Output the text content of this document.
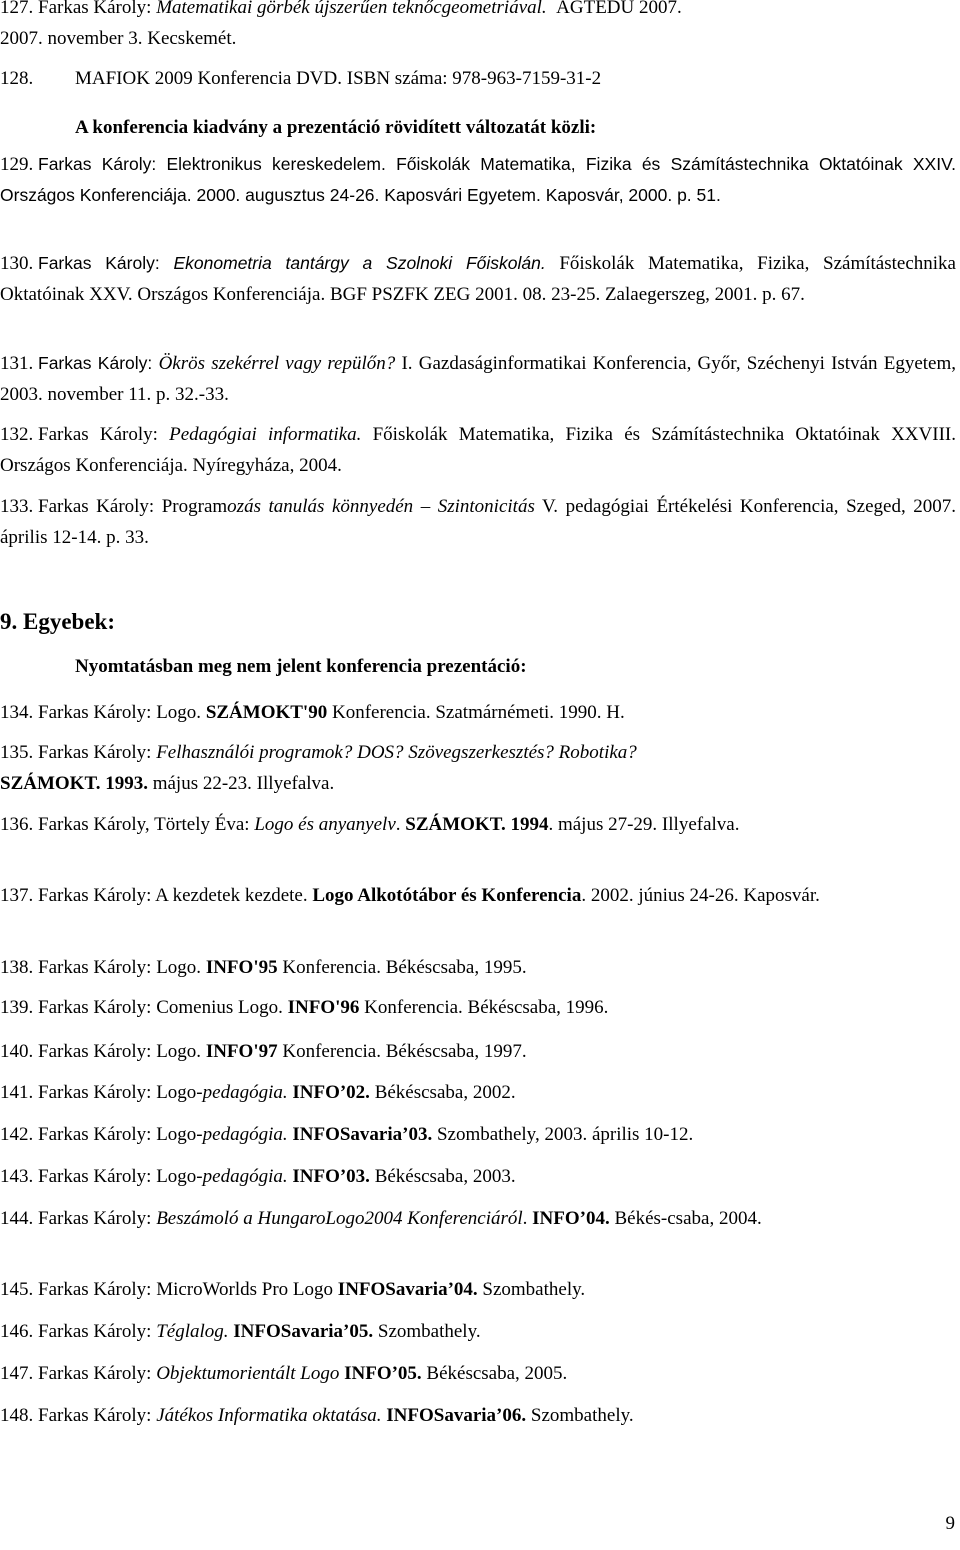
127. Farkas Károly: Matematikai görbék újszerűen teknőcgeometriával. AGTEDU 2007.
2007. november 3. Kecskemét.
128. MAFIOK 2009 Konferencia DVD. ISBN száma: 978-963-7159-31-2
A konferencia kiadvány a prezentáció rövidített változatát közli:
129. Farkas Károly: Elektronikus kereskedelem. Főiskolák Matematika, Fizika és Számítástechnika Oktatóinak XXIV. Országos Konferenciája. 2000. augusztus 24-26. Kaposvári Egyetem. Kaposvár, 2000. p. 51.
130. Farkas Károly: Ekonometria tantárgy a Szolnoki Főiskolán. Főiskolák Matematika, Fizika, Számítástechnika Oktatóinak XXV. Országos Konferenciája. BGF PSZFK ZEG 2001. 08. 23-25. Zalaegerszeg, 2001. p. 67.
131. Farkas Károly: Ökrös szekérrel vagy repülőn? I. Gazdaságinformatikai Konferencia, Győr, Széchenyi István Egyetem, 2003. november 11. p. 32.-33.
132. Farkas Károly: Pedagógiai informatika. Főiskolák Matematika, Fizika és Számítástechnika Oktatóinak XXVIII. Országos Konferenciája. Nyíregyháza, 2004.
133. Farkas Károly: Programozás tanulás könnyedén – Szintonicitás V. pedagógiai Értékelési Konferencia, Szeged, 2007. április 12-14. p. 33.
9. Egyebek:
Nyomtatásban meg nem jelent konferencia prezentáció:
134. Farkas Károly: Logo. SZÁMOKT'90 Konferencia. Szatmárnémeti. 1990. H.
135. Farkas Károly: Felhasználói programok? DOS? Szövegszerkesztés? Robotika?
SZÁMOKT. 1993. május 22-23. Illyefalva.
136. Farkas Károly, Törtely Éva: Logo és anyanyelv. SZÁMOKT. 1994. május 27-29. Illyefalva.
137. Farkas Károly: A kezdetek kezdete. Logo Alkotótábor és Konferencia. 2002. június 24-26. Kaposvár.
138. Farkas Károly: Logo. INFO'95 Konferencia. Békéscsaba, 1995.
139. Farkas Károly: Comenius Logo. INFO'96 Konferencia. Békéscsaba, 1996.
140. Farkas Károly: Logo. INFO'97 Konferencia. Békéscsaba, 1997.
141. Farkas Károly: Logo-pedagógia. INFO’02. Békéscsaba, 2002.
142. Farkas Károly: Logo-pedagógia. INFOSavaria’03. Szombathely, 2003. április 10-12.
143. Farkas Károly: Logo-pedagógia. INFO’03. Békéscsaba, 2003.
144. Farkas Károly: Beszámoló a HungaroLogo2004 Konferenciáról. INFO’04. Békés-csaba, 2004.
145. Farkas Károly: MicroWorlds Pro Logo INFOSavaria’04. Szombathely.
146. Farkas Károly: Téglalog. INFOSavaria’05. Szombathely.
147. Farkas Károly: Objektumorientált Logo INFO’05. Békéscsaba, 2005.
148. Farkas Károly: Játékos Informatika oktatása. INFOSavaria’06. Szombathely.
9
